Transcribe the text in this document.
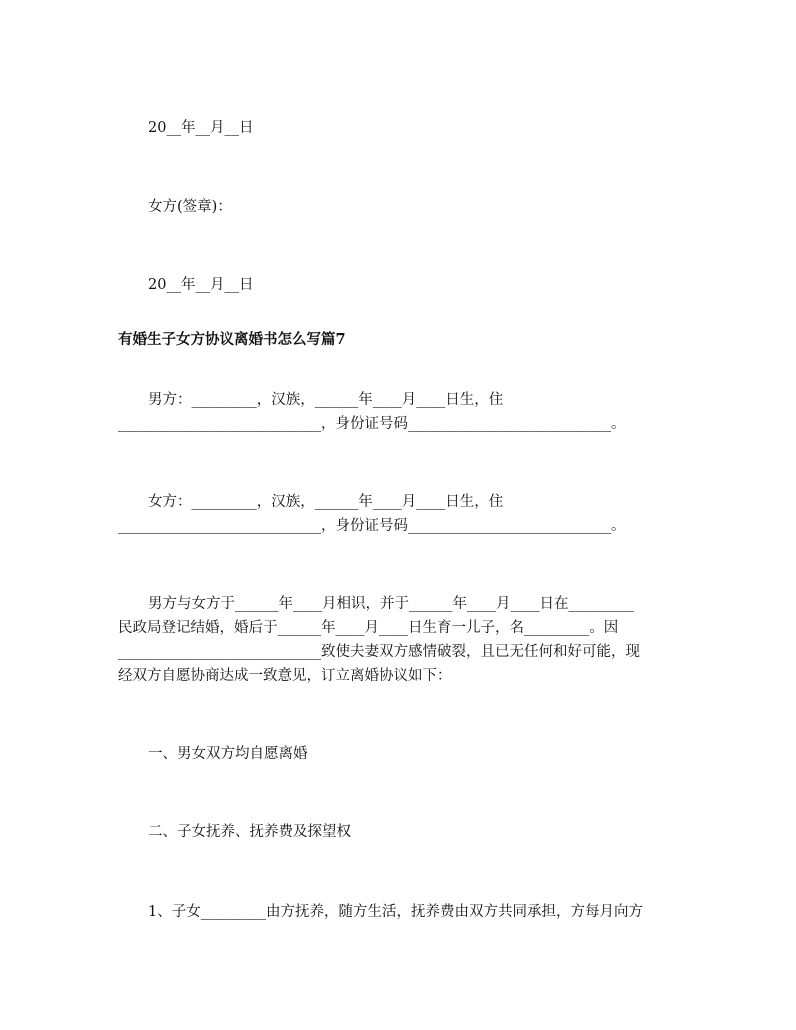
20__年__月__日
女方(签章)：
20__年__月__日
有婚生子女方协议离婚书怎么写篇7
男方：_________，汉族，______年____月____日生，住
____________________________，身份证号码____________________________。
女方：_________，汉族，______年____月____日生，住
____________________________，身份证号码____________________________。
男方与女方于______年____月相识，并于______年____月____日在_________
民政局登记结婚，婚后于______年____月____日生育一儿子，名_________。因
____________________________致使夫妻双方感情破裂，且已无任何和好可能，现
经双方自愿协商达成一致意见，订立离婚协议如下：
一、男女双方均自愿离婚
二、子女抚养、抚养费及探望权
1、子女_________由方抚养，随方生活，抚养费由双方共同承担，方每月向方
